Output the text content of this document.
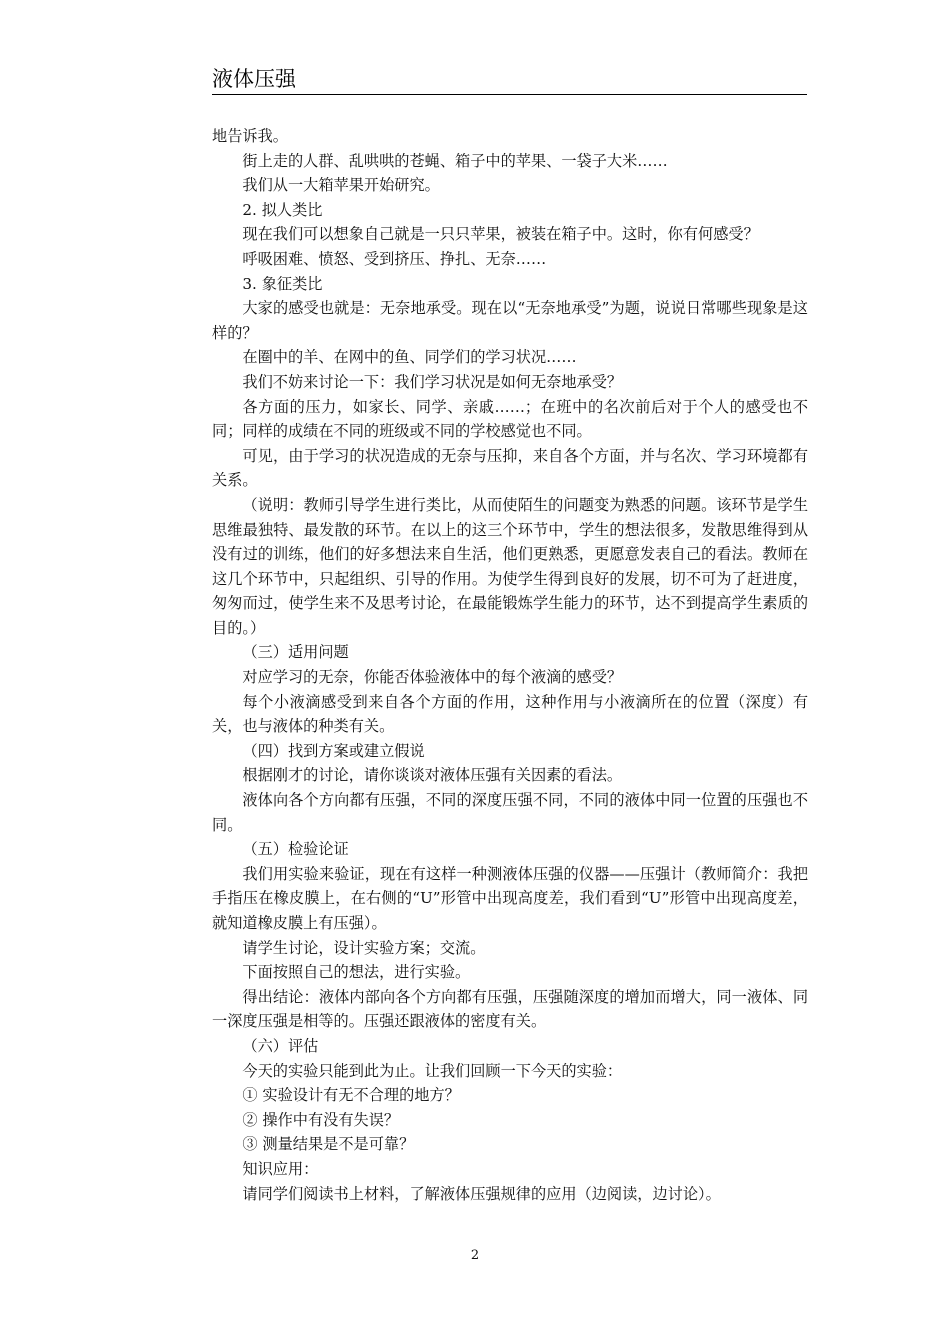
液体压强

地告诉我。

街上走的人群、乱哄哄的苍蝇、箱子中的苹果、一袋子大米……

我们从一大箱苹果开始研究。

2. 拟人类比

现在我们可以想象自己就是一只只苹果，被装在箱子中。这时，你有何感受？

呼吸困难、愤怒、受到挤压、挣扎、无奈……

3. 象征类比

大家的感受也就是：无奈地承受。现在以“无奈地承受”为题，说说日常哪些现象是这样的？

在圈中的羊、在网中的鱼、同学们的学习状况……

我们不妨来讨论一下：我们学习状况是如何无奈地承受？

各方面的压力，如家长、同学、亲戚……；在班中的名次前后对于个人的感受也不同；同样的成绩在不同的班级或不同的学校感觉也不同。

可见，由于学习的状况造成的无奈与压抑，来自各个方面，并与名次、学习环境都有关系。

（说明：教师引导学生进行类比，从而使陌生的问题变为熟悉的问题。该环节是学生思维最独特、最发散的环节。在以上的这三个环节中，学生的想法很多，发散思维得到从没有过的训练，他们的好多想法来自生活，他们更熟悉，更愿意发表自己的看法。教师在这几个环节中，只起组织、引导的作用。为使学生得到良好的发展，切不可为了赶进度，匆匆而过，使学生来不及思考讨论，在最能锻炼学生能力的环节，达不到提高学生素质的目的。）

（三）适用问题

对应学习的无奈，你能否体验液体中的每个液滴的感受？

每个小液滴感受到来自各个方面的作用，这种作用与小液滴所在的位置（深度）有关，也与液体的种类有关。

（四）找到方案或建立假说

根据刚才的讨论，请你谈谈对液体压强有关因素的看法。

液体向各个方向都有压强，不同的深度压强不同，不同的液体中同一位置的压强也不同。

（五）检验论证

我们用实验来验证，现在有这样一种测液体压强的仪器——压强计（教师简介：我把手指压在橡皮膜上，在右侧的“U”形管中出现高度差，我们看到“U”形管中出现高度差，就知道橡皮膜上有压强）。

请学生讨论，设计实验方案；交流。

下面按照自己的想法，进行实验。

得出结论：液体内部向各个方向都有压强，压强随深度的增加而增大，同一液体、同一深度压强是相等的。压强还跟液体的密度有关。

（六）评估

今天的实验只能到此为止。让我们回顾一下今天的实验：

① 实验设计有无不合理的地方？

② 操作中有没有失误？

③ 测量结果是不是可靠？

知识应用：

请同学们阅读书上材料，了解液体压强规律的应用（边阅读，边讨论）。

2
